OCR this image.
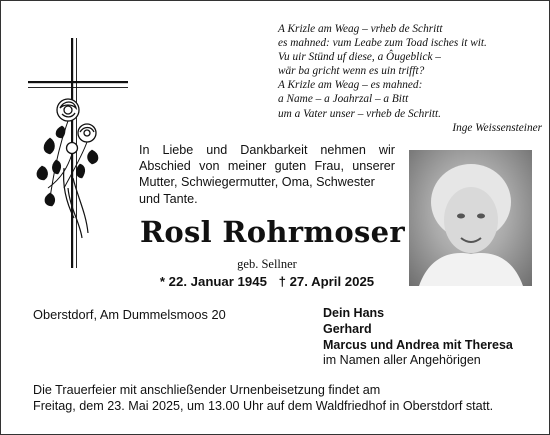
A Krizle am Weag – vrheb de Schritt
es mahned: vum Leabe zum Toad isches it wit.
Vu uir Stünd uf diese, a Ôugeblick –
wär ba gricht wenn es uin trifft?
A Krizle am Weag – es mahned:
a Name – a Joahrzal – a Bitt
um a Vater unser – vrheb de Schritt.
Inge Weissensteiner
In Liebe und Dankbarkeit nehmen wir Abschied von meiner guten Frau, unserer Mutter, Schwiegermutter, Oma, Schwester
und Tante.
Rosl Rohrmoser
geb. Sellner
* 22. Januar 1945 † 27. April 2025
Oberstdorf, Am Dummelsmoos 20	Dein Hans
Gerhard
Marcus und Andrea mit Theresa
im Namen aller Angehörigen
Die Trauerfeier mit anschließender Urnenbeisetzung findet am
Freitag, dem 23. Mai 2025, um 13.00 Uhr auf dem Waldfriedhof in Oberstdorf statt.
